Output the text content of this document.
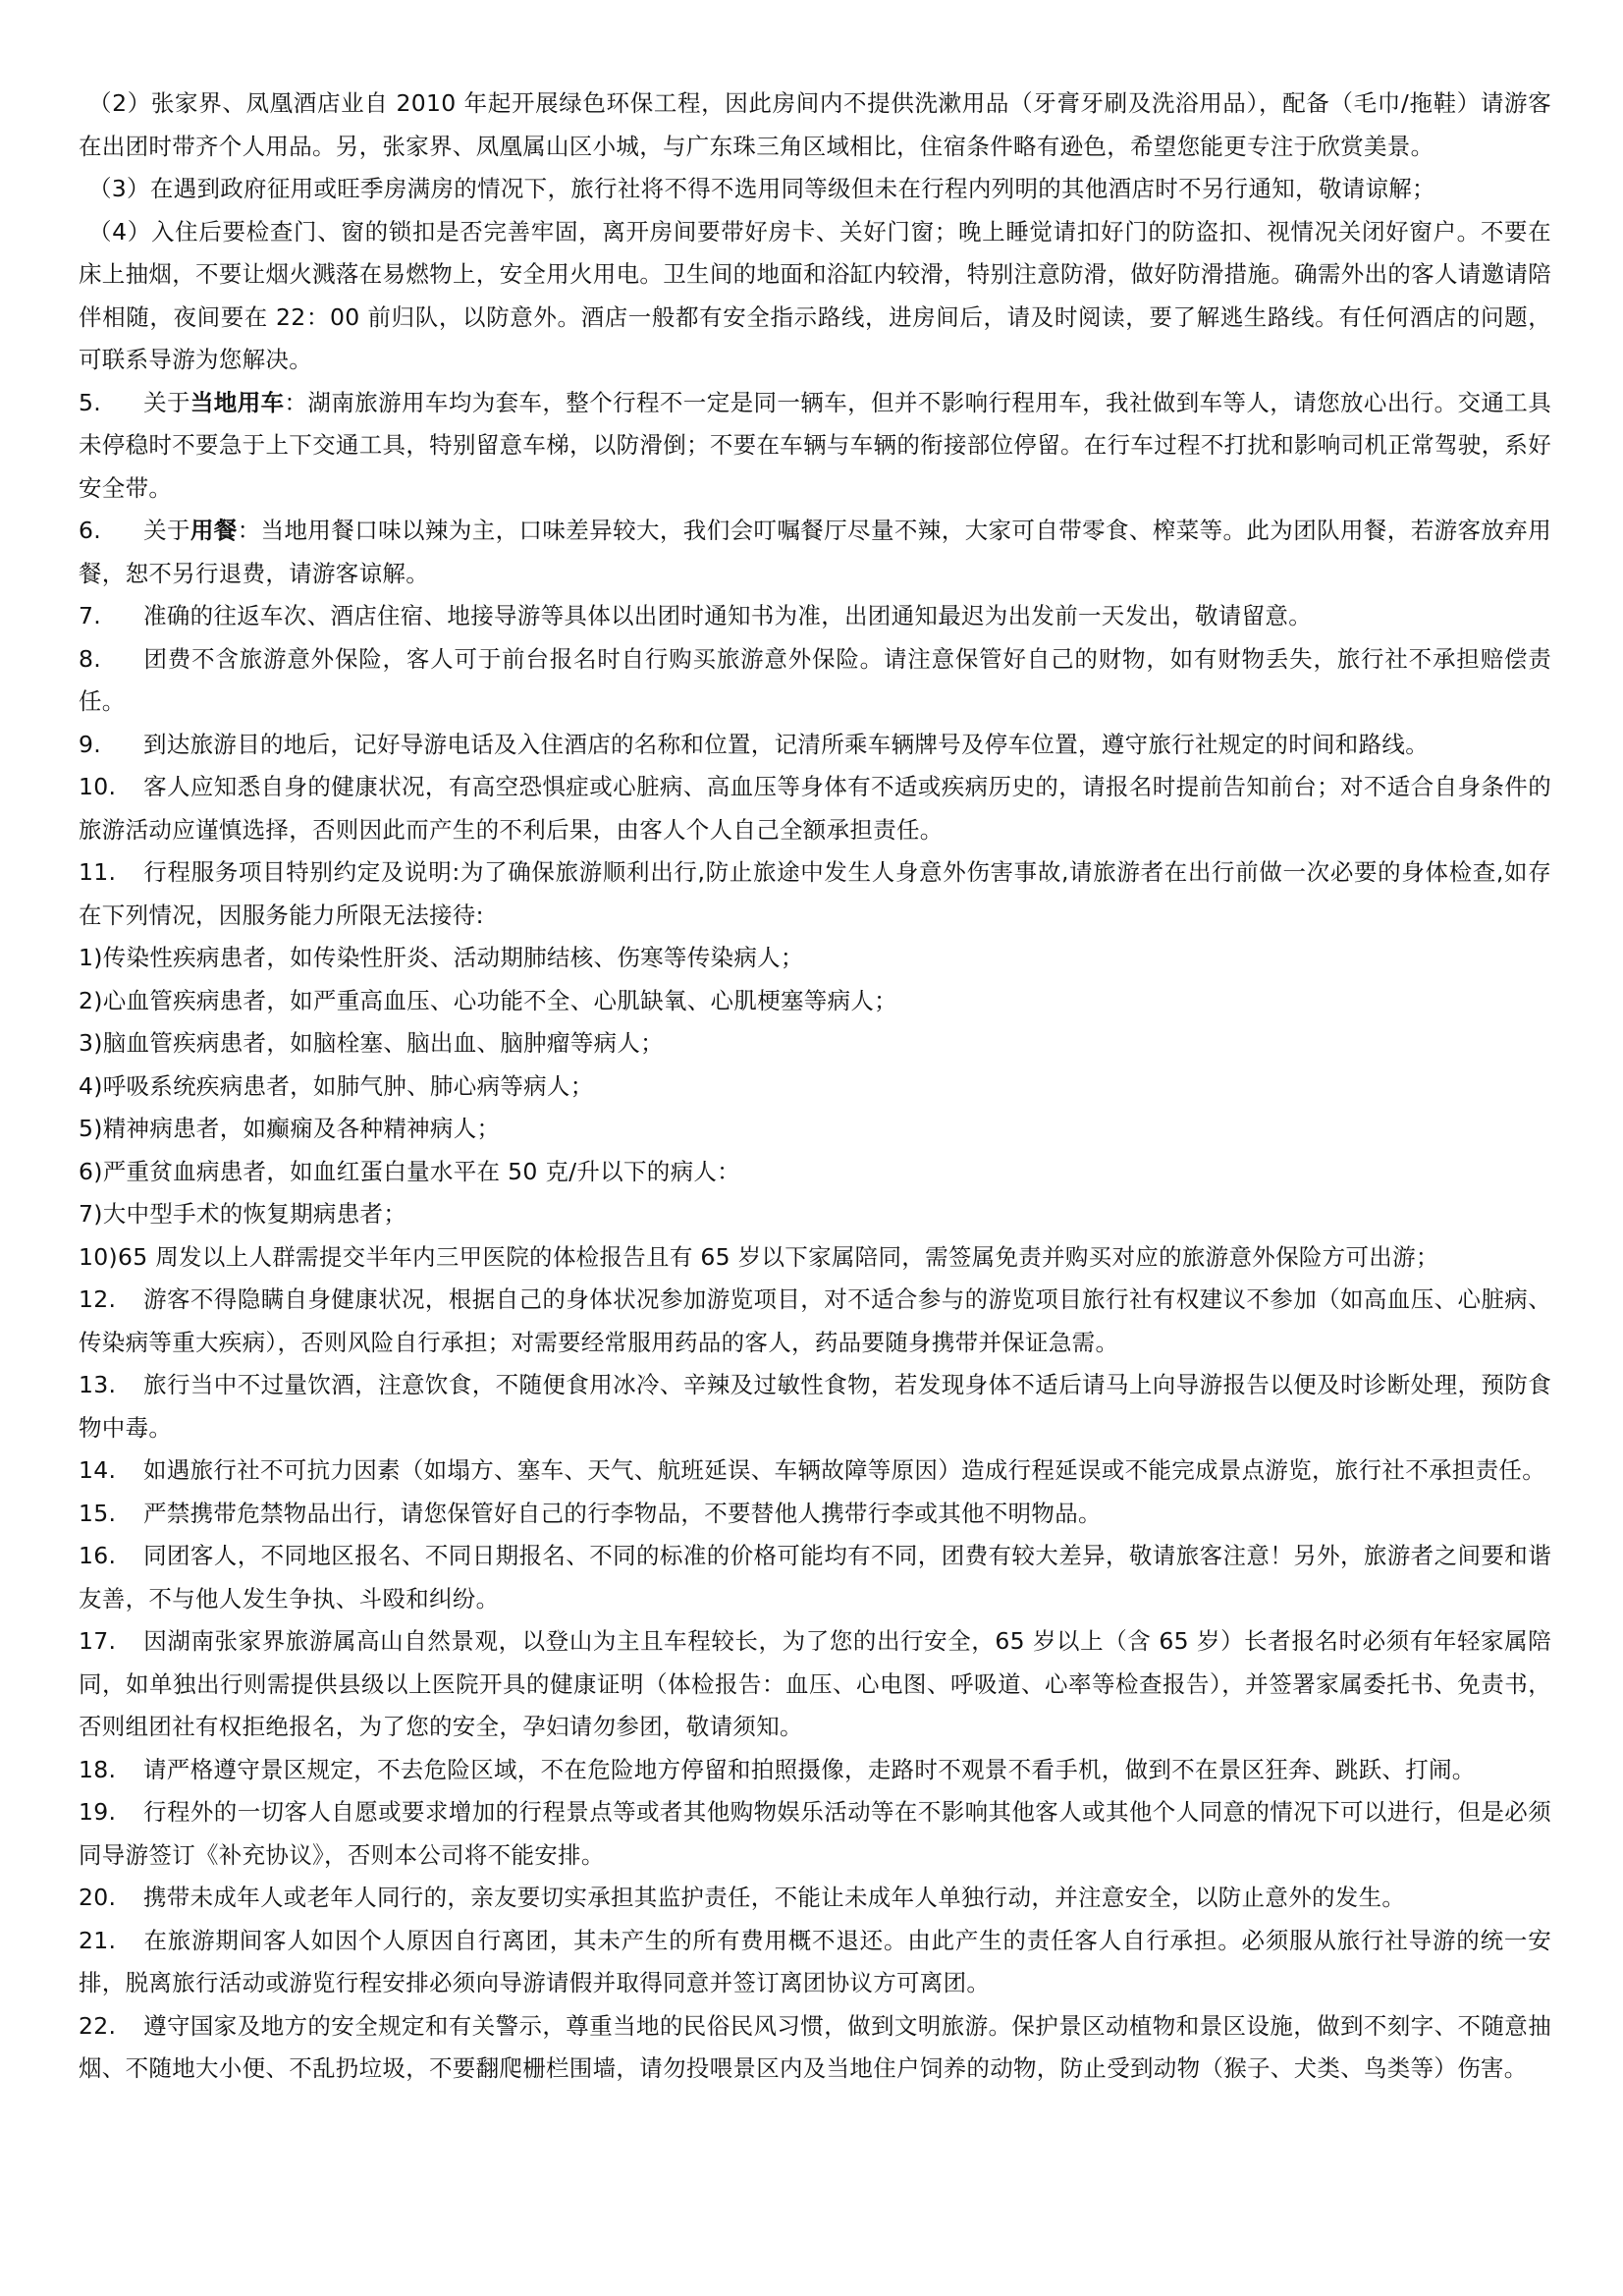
（2）张家界、凤凰酒店业自 2010 年起开展绿色环保工程，因此房间内不提供洗漱用品（牙膏牙刷及洗浴用品），配备（毛巾/拖鞋）请游客在出团时带齐个人用品。另，张家界、凤凰属山区小城，与广东珠三角区域相比，住宿条件略有逊色，希望您能更专注于欣赏美景。

（3）在遇到政府征用或旺季房满房的情况下，旅行社将不得不选用同等级但未在行程内列明的其他酒店时不另行通知，敬请谅解；

（4）入住后要检查门、窗的锁扣是否完善牢固，离开房间要带好房卡、关好门窗；晚上睡觉请扣好门的防盗扣、视情况关闭好窗户。不要在床上抽烟，不要让烟火溅落在易燃物上，安全用火用电。卫生间的地面和浴缸内较滑，特别注意防滑，做好防滑措施。确需外出的客人请邀请陪伴相随，夜间要在 22：00 前归队，以防意外。酒店一般都有安全指示路线，进房间后，请及时阅读，要了解逃生路线。有任何酒店的问题，可联系导游为您解决。

5. 关于当地用车：湖南旅游用车均为套车，整个行程不一定是同一辆车，但并不影响行程用车，我社做到车等人，请您放心出行。交通工具未停稳时不要急于上下交通工具，特别留意车梯，以防滑倒；不要在车辆与车辆的衔接部位停留。在行车过程不打扰和影响司机正常驾驶，系好安全带。

6. 关于用餐：当地用餐口味以辣为主，口味差异较大，我们会叮嘱餐厅尽量不辣，大家可自带零食、榨菜等。此为团队用餐，若游客放弃用餐，恕不另行退费，请游客谅解。

7. 准确的往返车次、酒店住宿、地接导游等具体以出团时通知书为准，出团通知最迟为出发前一天发出，敬请留意。

8. 团费不含旅游意外保险，客人可于前台报名时自行购买旅游意外保险。请注意保管好自己的财物，如有财物丢失，旅行社不承担赔偿责任。

9. 到达旅游目的地后，记好导游电话及入住酒店的名称和位置，记清所乘车辆牌号及停车位置，遵守旅行社规定的时间和路线。

10. 客人应知悉自身的健康状况，有高空恐惧症或心脏病、高血压等身体有不适或疾病历史的，请报名时提前告知前台；对不适合自身条件的旅游活动应谨慎选择，否则因此而产生的不利后果，由客人个人自己全额承担责任。

11. 行程服务项目特别约定及说明:为了确保旅游顺利出行,防止旅途中发生人身意外伤害事故,请旅游者在出行前做一次必要的身体检查,如存在下列情况，因服务能力所限无法接待:

1)传染性疾病患者，如传染性肝炎、活动期肺结核、伤寒等传染病人；

2)心血管疾病患者，如严重高血压、心功能不全、心肌缺氧、心肌梗塞等病人；

3)脑血管疾病患者，如脑栓塞、脑出血、脑肿瘤等病人；

4)呼吸系统疾病患者，如肺气肿、肺心病等病人；

5)精神病患者，如癫痫及各种精神病人；

6)严重贫血病患者，如血红蛋白量水平在 50 克/升以下的病人：

7)大中型手术的恢复期病患者；

10)65 周发以上人群需提交半年内三甲医院的体检报告且有 65 岁以下家属陪同，需签属免责并购买对应的旅游意外保险方可出游；

12. 游客不得隐瞒自身健康状况，根据自己的身体状况参加游览项目，对不适合参与的游览项目旅行社有权建议不参加（如高血压、心脏病、传染病等重大疾病），否则风险自行承担；对需要经常服用药品的客人，药品要随身携带并保证急需。

13. 旅行当中不过量饮酒，注意饮食，不随便食用冰冷、辛辣及过敏性食物，若发现身体不适后请马上向导游报告以便及时诊断处理，预防食物中毒。

14. 如遇旅行社不可抗力因素（如塌方、塞车、天气、航班延误、车辆故障等原因）造成行程延误或不能完成景点游览，旅行社不承担责任。

15. 严禁携带危禁物品出行，请您保管好自己的行李物品，不要替他人携带行李或其他不明物品。

16. 同团客人，不同地区报名、不同日期报名、不同的标准的价格可能均有不同，团费有较大差异，敬请旅客注意！另外，旅游者之间要和谐友善，不与他人发生争执、斗殴和纠纷。

17. 因湖南张家界旅游属高山自然景观，以登山为主且车程较长，为了您的出行安全，65 岁以上（含 65 岁）长者报名时必须有年轻家属陪同，如单独出行则需提供县级以上医院开具的健康证明（体检报告：血压、心电图、呼吸道、心率等检查报告），并签署家属委托书、免责书，否则组团社有权拒绝报名，为了您的安全，孕妇请勿参团，敬请须知。

18. 请严格遵守景区规定，不去危险区域，不在危险地方停留和拍照摄像，走路时不观景不看手机，做到不在景区狂奔、跳跃、打闹。

19. 行程外的一切客人自愿或要求增加的行程景点等或者其他购物娱乐活动等在不影响其他客人或其他个人同意的情况下可以进行，但是必须同导游签订《补充协议》，否则本公司将不能安排。

20. 携带未成年人或老年人同行的，亲友要切实承担其监护责任，不能让未成年人单独行动，并注意安全，以防止意外的发生。

21. 在旅游期间客人如因个人原因自行离团，其未产生的所有费用概不退还。由此产生的责任客人自行承担。必须服从旅行社导游的统一安排，脱离旅行活动或游览行程安排必须向导游请假并取得同意并签订离团协议方可离团。

22. 遵守国家及地方的安全规定和有关警示，尊重当地的民俗民风习惯，做到文明旅游。保护景区动植物和景区设施，做到不刻字、不随意抽烟、不随地大小便、不乱扔垃圾，不要翻爬栅栏围墙，请勿投喂景区内及当地住户饲养的动物，防止受到动物（猴子、犬类、鸟类等）伤害。
